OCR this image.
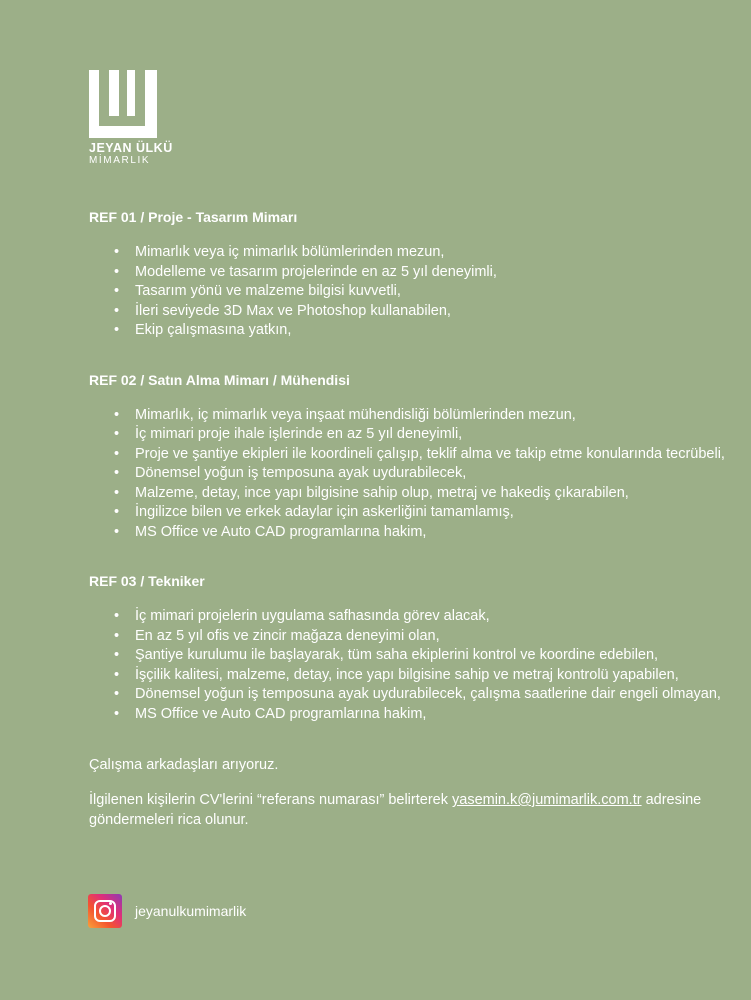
JEYAN ÜLKÜ
MİMARLIK

REF 01 / Proje - Tasarım Mimarı

• Mimarlık veya iç mimarlık bölümlerinden mezun,
• Modelleme ve tasarım projelerinde en az 5 yıl deneyimli,
• Tasarım yönü ve malzeme bilgisi kuvvetli,
• İleri seviyede 3D Max ve Photoshop kullanabilen,
• Ekip çalışmasına yatkın,

REF 02 / Satın Alma Mimarı / Mühendisi

• Mimarlık, iç mimarlık veya inşaat mühendisliği bölümlerinden mezun,
• İç mimari proje ihale işlerinde en az 5 yıl deneyimli,
• Proje ve şantiye ekipleri ile koordineli çalışıp, teklif alma ve takip etme konularında tecrübeli,
• Dönemsel yoğun iş temposuna ayak uydurabilecek,
• Malzeme, detay, ince yapı bilgisine sahip olup, metraj ve hakediş çıkarabilen,
• İngilizce bilen ve erkek adaylar için askerliğini tamamlamış,
• MS Office ve Auto CAD programlarına hakim,

REF 03 / Tekniker

• İç mimari projelerin uygulama safhasında görev alacak,
• En az 5 yıl ofis ve zincir mağaza deneyimi olan,
• Şantiye kurulumu ile başlayarak, tüm saha ekiplerini kontrol ve koordine edebilen,
• İşçilik kalitesi, malzeme, detay, ince yapı bilgisine sahip ve metraj kontrolü yapabilen,
• Dönemsel yoğun iş temposuna ayak uydurabilecek, çalışma saatlerine dair engeli olmayan,
• MS Office ve Auto CAD programlarına hakim,

Çalışma arkadaşları arıyoruz.

İlgilenen kişilerin CV'lerini “referans numarası” belirterek yasemin.k@jumimarlik.com.tr adresine göndermeleri rica olunur.

jeyanulkumimarlik
